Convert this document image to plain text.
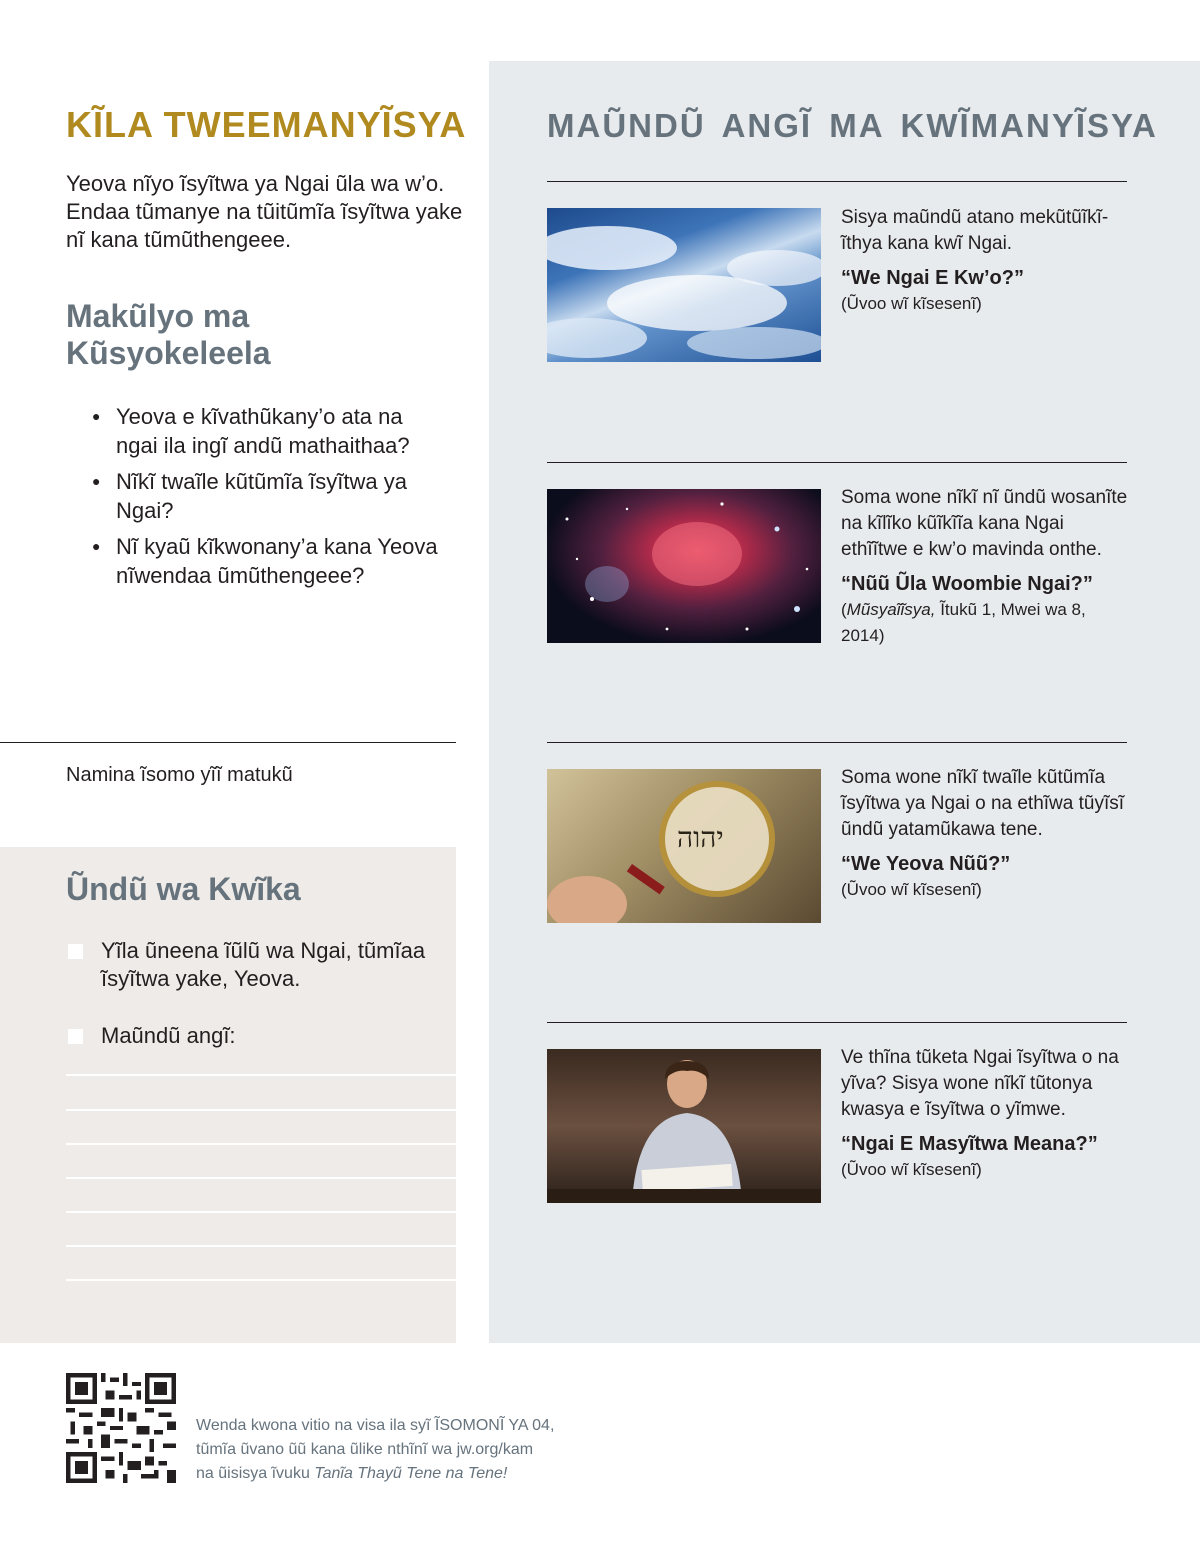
KĨLA TWEEMANYĨSYA

Yeova nĩyo ĩsyĩtwa ya Ngai ũla wa w’o. Endaa tũmanye na tũitũmĩa ĩsyĩtwa yake nĩ kana tũmũthengeee.

Makũlyo ma Kũsyokeleela
● Yeova e kĩvathũkany’o ata na ngai ila ingĩ andũ mathaithaa?
● Nĩkĩ twaĩle kũtũmĩa ĩsyĩtwa ya Ngai?
● Nĩ kyaũ kĩkwonany’a kana Yeova nĩwendaa ũmũthengeee?
Namina ĩsomo yĩĩ matukũ
Ũndũ wa Kwĩka
Yĩla ũneena ĩũlũ wa Ngai, tũmĩaa ĩsyĩtwa yake, Yeova.
Maũndũ angĩ:
MAŨNDŨ ANGĨ MA KWĨMANYĨSYA
Sisya maũndũ atano mekũtũĩkĩĩthya kana kwĩ Ngai.
“We Ngai E Kw’o?”
(Ũvoo wĩ kĩsesenĩ)
Soma wone nĩkĩ nĩ ũndũ wosanĩte na kĩlĩko kũĩkĩĩa kana Ngai ethĩĩtwe e kw’o mavinda onthe.
“Nũũ Ũla Woombie Ngai?”
(Mũsyaĩĩsya, Ĩtukũ 1, Mwei wa 8, 2014)
יהוה
Soma wone nĩkĩ twaĩle kũtũmĩa ĩsyĩtwa ya Ngai o na ethĩwa tũyĩsĩ ũndũ yatamũkawa tene.
“We Yeova Nũũ?”
(Ũvoo wĩ kĩsesenĩ)
Ve thĩna tũketa Ngai ĩsyĩtwa o na yĩva? Sisya wone nĩkĩ tũtonya kwasya e ĩsyĩtwa o yĩmwe.
“Ngai E Masyĩtwa Meana?”
(Ũvoo wĩ kĩsesenĩ)
Wenda kwona vitio na visa ila syĩ ĨSOMONĨ YA 04,
tũmĩa ũvano ũũ kana ũlike nthĩnĩ wa jw.org/kam
na ũisisya ĩvuku Tanĩa Thayũ Tene na Tene!
